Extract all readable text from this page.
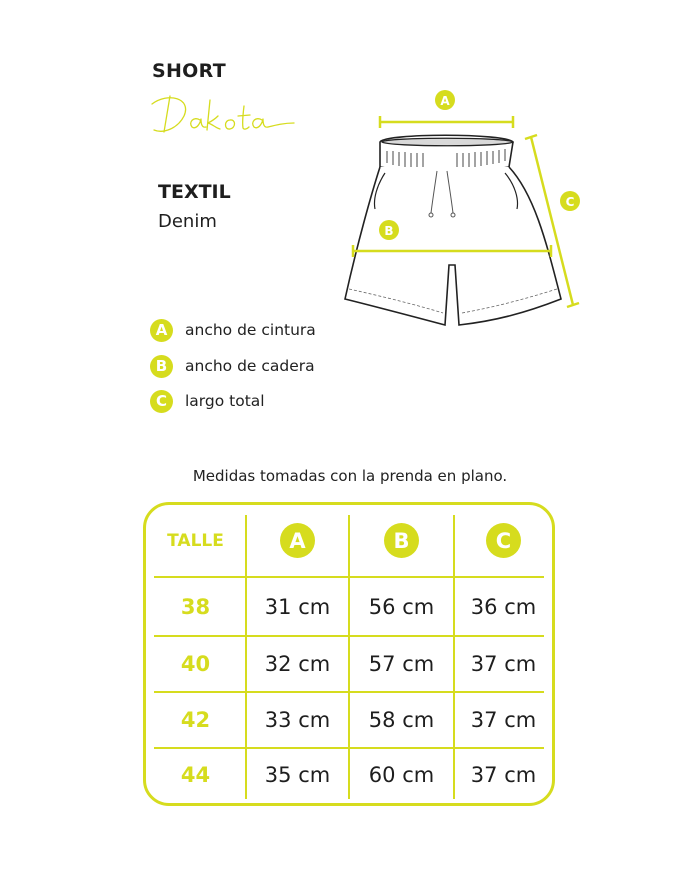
SHORT
TEXTIL
Denim
A
B
C
A	ancho de cintura
B	ancho de cadera
C	largo total
Medidas tomadas con la prenda en plano.
TALLE	A	B	C
38	31 cm	56 cm	36 cm
40	32 cm	57 cm	37 cm
42	33 cm	58 cm	37 cm
44	35 cm	60 cm	37 cm
